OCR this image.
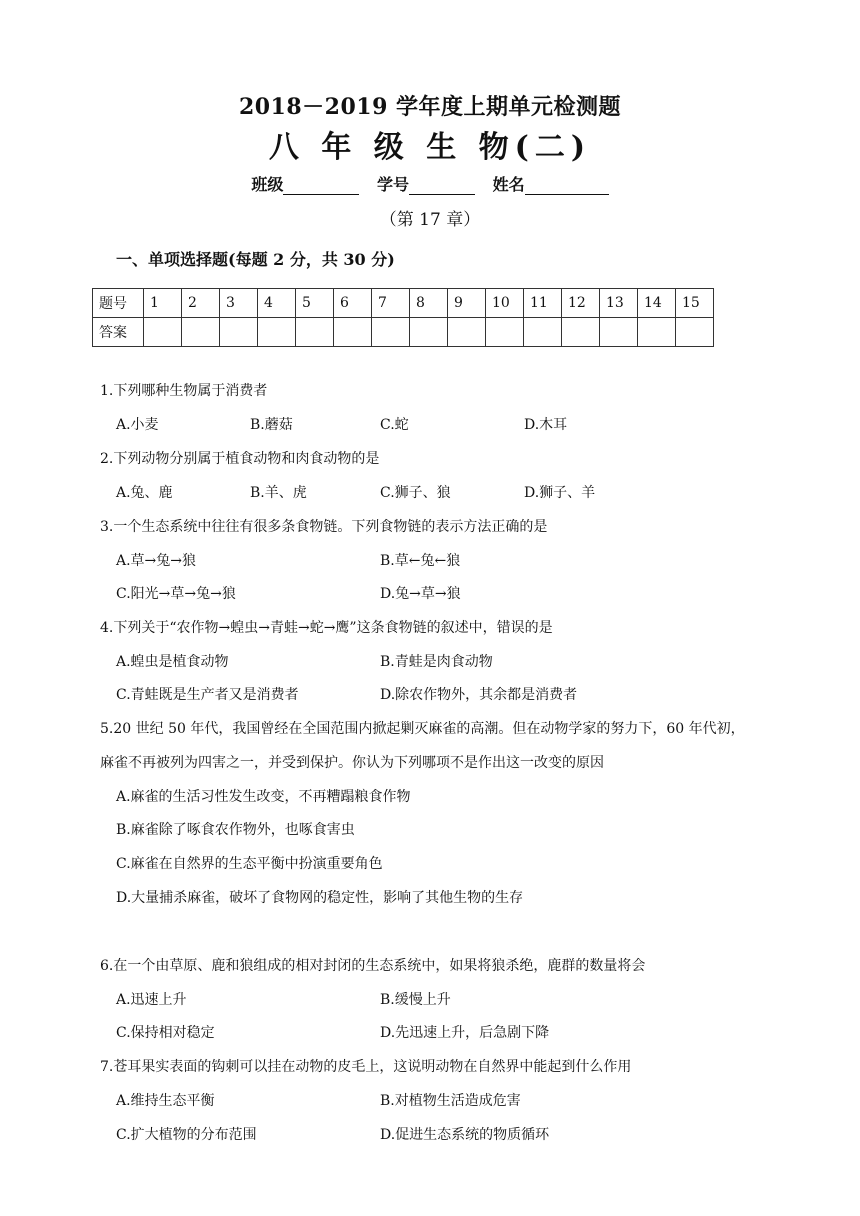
2018－2019 学年度上期单元检测题
八 年 级 生 物(二)
班级	学号	姓名
（第 17 章）
一、单项选择题(每题 2 分，共 30 分)
题号	1	2	3	4	5	6	7	8	9	10	11	12	13	14	15
答案															
1.下列哪种生物属于消费者
A.小麦	B.蘑菇	C.蛇	D.木耳
2.下列动物分别属于植食动物和肉食动物的是
A.兔、鹿	B.羊、虎	C.狮子、狼	D.狮子、羊
3.一个生态系统中往往有很多条食物链。下列食物链的表示方法正确的是
A.草→兔→狼	B.草←兔←狼
C.阳光→草→兔→狼	D.兔→草→狼
4.下列关于“农作物→蝗虫→青蛙→蛇→鹰”这条食物链的叙述中，错误的是
A.蝗虫是植食动物	B.青蛙是肉食动物
C.青蛙既是生产者又是消费者	D.除农作物外，其余都是消费者
5.20 世纪 50 年代，我国曾经在全国范围内掀起剿灭麻雀的高潮。但在动物学家的努力下，60 年代初，
麻雀不再被列为四害之一，并受到保护。你认为下列哪项不是作出这一改变的原因
A.麻雀的生活习性发生改变，不再糟蹋粮食作物
B.麻雀除了啄食农作物外，也啄食害虫
C.麻雀在自然界的生态平衡中扮演重要角色
D.大量捕杀麻雀，破坏了食物网的稳定性，影响了其他生物的生存
6.在一个由草原、鹿和狼组成的相对封闭的生态系统中，如果将狼杀绝，鹿群的数量将会
A.迅速上升	B.缓慢上升
C.保持相对稳定	D.先迅速上升，后急剧下降
7.苍耳果实表面的钩刺可以挂在动物的皮毛上，这说明动物在自然界中能起到什么作用
A.维持生态平衡	B.对植物生活造成危害
C.扩大植物的分布范围	D.促进生态系统的物质循环
